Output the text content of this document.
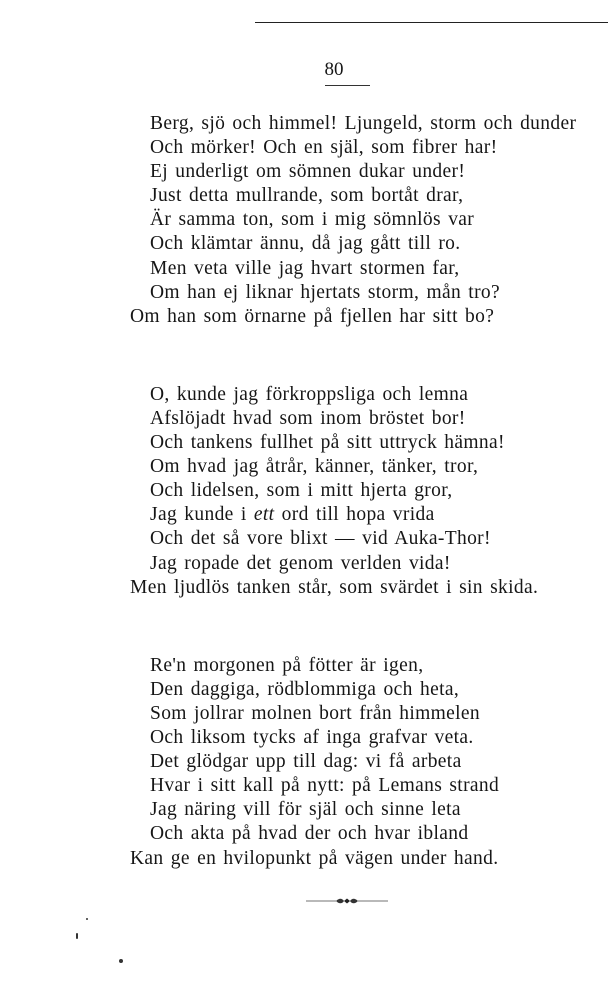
80
Berg, sjö och himmel! Ljungeld, storm och dunder
Och mörker! Och en själ, som fibrer har!
Ej underligt om sömnen dukar under!
Just detta mullrande, som bortåt drar,
Är samma ton, som i mig sömnlös var
Och klämtar ännu, då jag gått till ro.
Men veta ville jag hvart stormen far,
Om han ej liknar hjertats storm, mån tro?
Om han som örnarne på fjellen har sitt bo?
O, kunde jag förkroppsliga och lemna
Afslöjadt hvad som inom bröstet bor!
Och tankens fullhet på sitt uttryck hämna!
Om hvad jag åtrår, känner, tänker, tror,
Och lidelsen, som i mitt hjerta gror,
Jag kunde i ett ord till hopa vrida
Och det så vore blixt — vid Auka-Thor!
Jag ropade det genom verlden vida!
Men ljudlös tanken står, som svärdet i sin skida.
Re'n morgonen på fötter är igen,
Den daggiga, rödblommiga och heta,
Som jollrar molnen bort från himmelen
Och liksom tycks af inga grafvar veta.
Det glödgar upp till dag: vi få arbeta
Hvar i sitt kall på nytt: på Lemans strand
Jag näring vill för själ och sinne leta
Och akta på hvad der och hvar ibland
Kan ge en hvilopunkt på vägen under hand.
